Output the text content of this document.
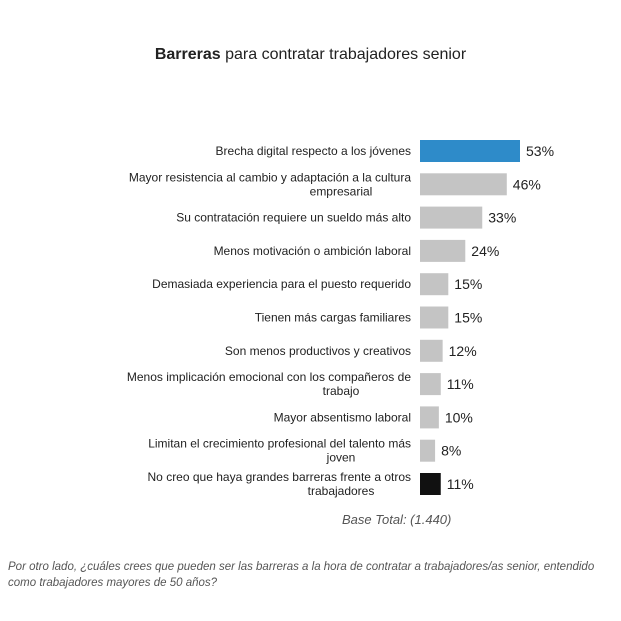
Barreras para contratar trabajadores senior
53%
Brecha digital respecto a los jóvenes
46%
Mayor resistencia al cambio y adaptación a la cultura
empresarial
33%
Su contratación requiere un sueldo más alto
24%
Menos motivación o ambición laboral
15%
Demasiada experiencia para el puesto requerido
15%
Tienen más cargas familiares
12%
Son menos productivos y creativos
11%
Menos implicación emocional con los compañeros de
trabajo
10%
Mayor absentismo laboral
8%
Limitan el crecimiento profesional del talento más
joven
11%
No creo que haya grandes barreras frente a otros
trabajadores
Base Total: (1.440)
Por otro lado, ¿cuáles crees que pueden ser las barreras a la hora de contratar a trabajadores/as senior, entendido como trabajadores mayores de 50 años?
